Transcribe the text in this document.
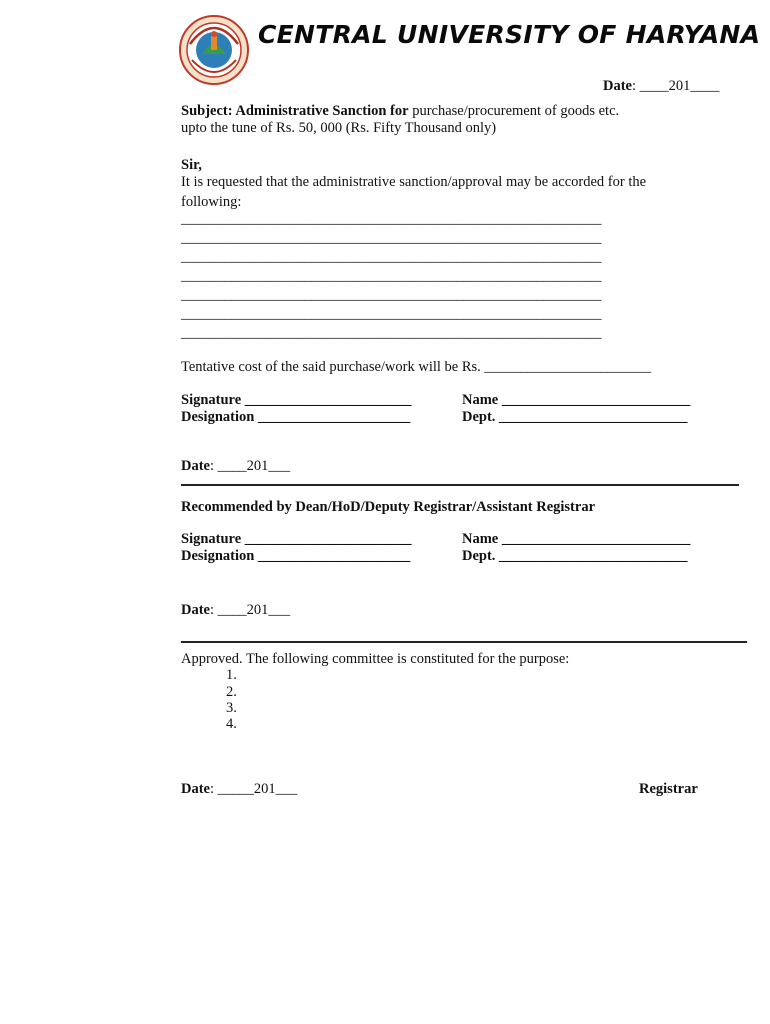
CENTRAL UNIVERSITY OF HARYANA
Date: ____201____
Subject: Administrative Sanction for purchase/procurement of goods etc.
upto the tune of Rs. 50, 000 (Rs. Fifty Thousand only)
Sir,
It is requested that the administrative sanction/approval may be accorded for the
following:
__________________________________________________________
__________________________________________________________
__________________________________________________________
__________________________________________________________
__________________________________________________________
__________________________________________________________
__________________________________________________________
Tentative cost of the said purchase/work will be Rs. _______________________
Signature _______________________	Name __________________________
Designation _____________________	Dept. __________________________
Date: ____201___
Recommended by Dean/HoD/Deputy Registrar/Assistant Registrar
Signature _______________________	Name __________________________
Designation _____________________	Dept. __________________________
Date: ____201___
Approved. The following committee is constituted for the purpose:
1.
2.
3.
4.
Date: _____201___	Registrar
